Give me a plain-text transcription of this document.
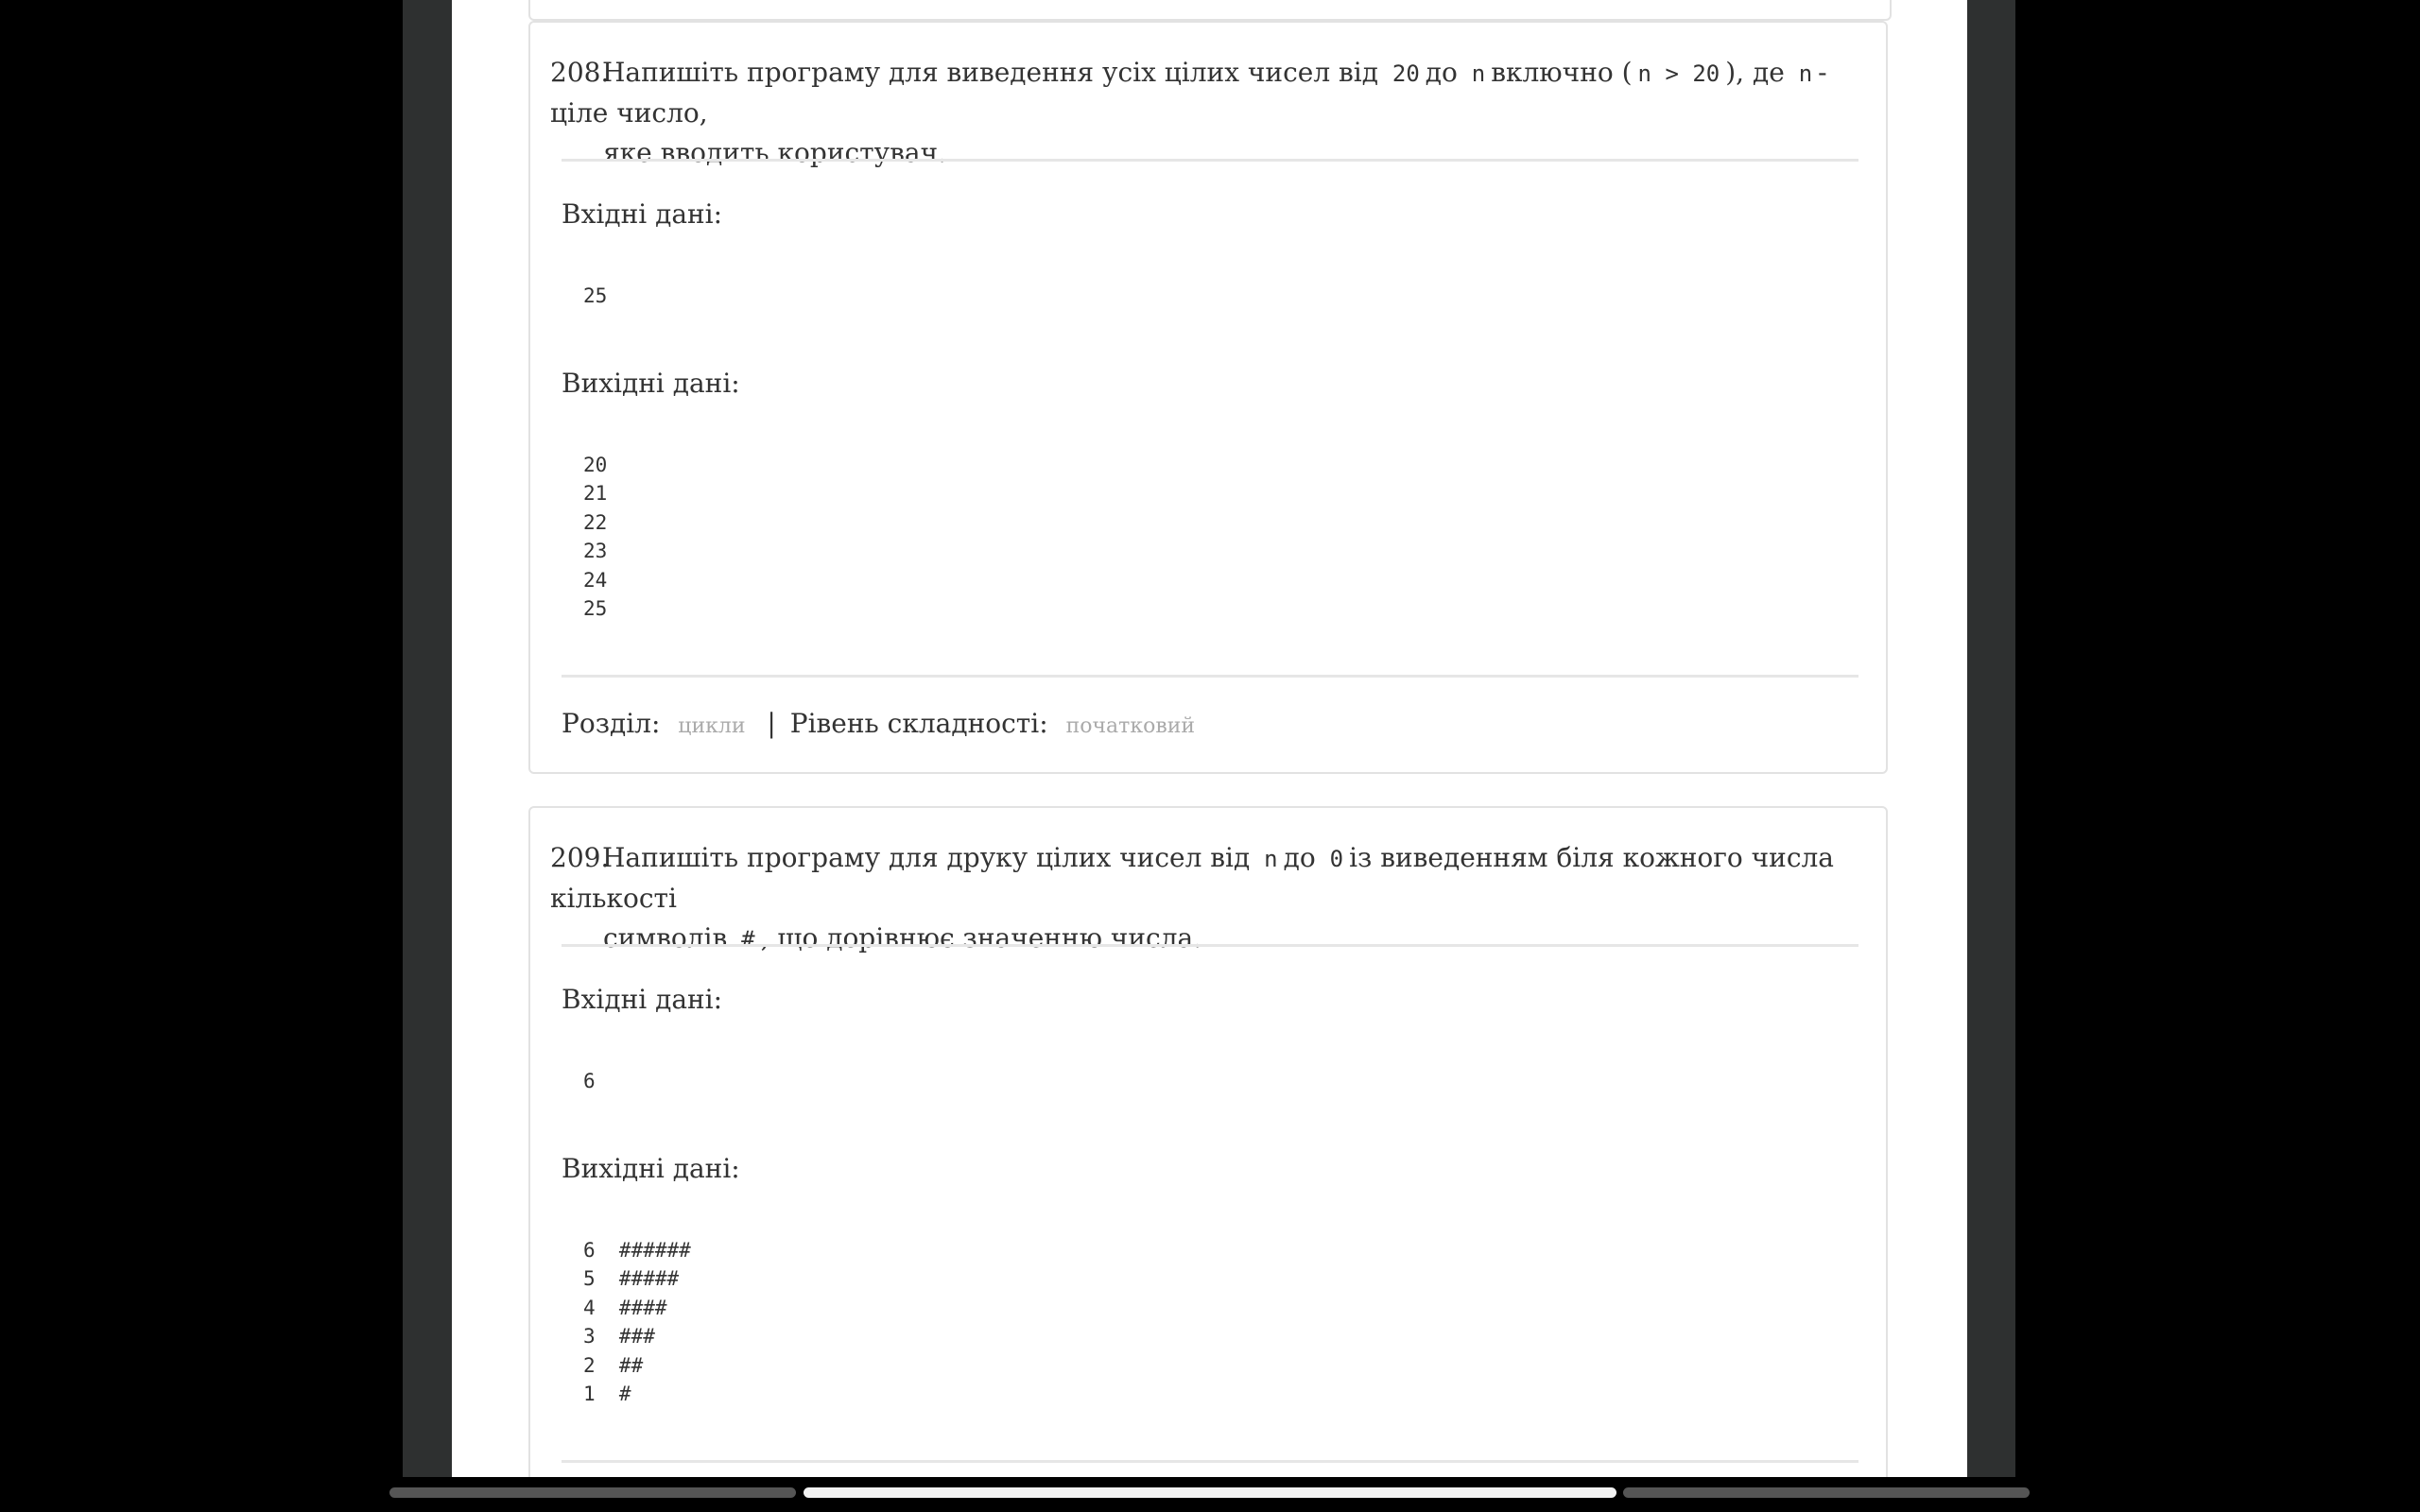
208.Напишіть програму для виведення усіх цілих чисел від 20 до n включно ( n > 20 ), де n - ціле число,
яке вводить користувач.

Вхідні дані:

25

Вихідні дані:

20
21
22
23
24
25
Розділ: цикли | Рівень складності: початковий

209.Напишіть програму для друку цілих чисел від n до 0 із виведенням біля кожного числа кількості
символів # , що дорівнює значенню числа.

Вхідні дані:

6

Вихідні дані:

6  ######
5  #####
4  ####
3  ###
2  ##
1  #
